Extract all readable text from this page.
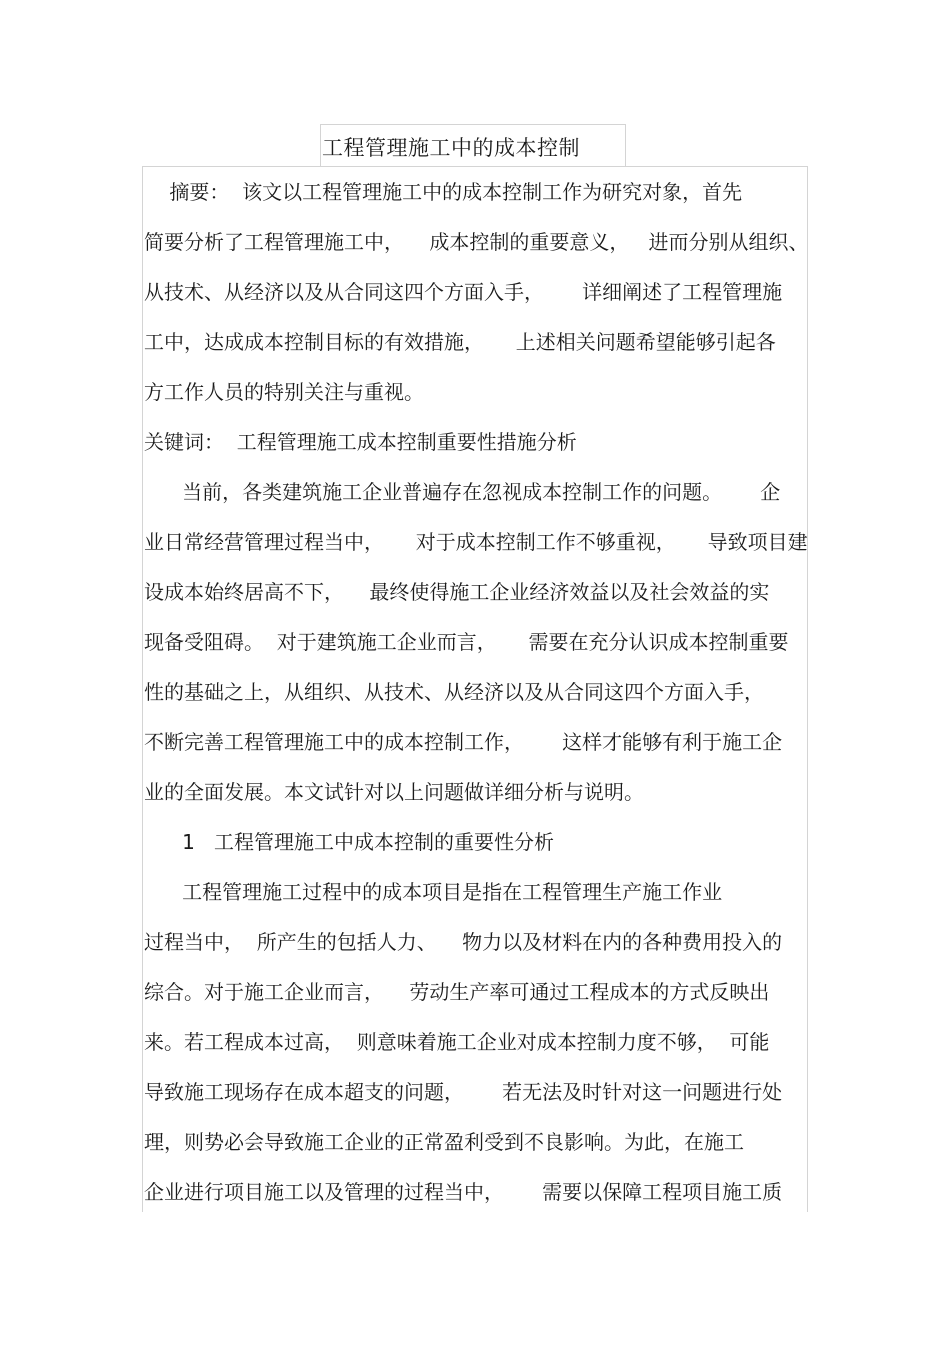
工程管理施工中的成本控制
摘要：  该文以工程管理施工中的成本控制工作为研究对象，首先
简要分析了工程管理施工中，    成本控制的重要意义，   进而分别从组织、
从技术、从经济以及从合同这四个方面入手，      详细阐述了工程管理施
工中，达成成本控制目标的有效措施，     上述相关问题希望能够引起各
方工作人员的特别关注与重视。
关键词：  工程管理施工成本控制重要性措施分析
当前，各类建筑施工企业普遍存在忽视成本控制工作的问题。      企
业日常经营管理过程当中，     对于成本控制工作不够重视，     导致项目建
设成本始终居高不下，    最终使得施工企业经济效益以及社会效益的实
现备受阻碍。  对于建筑施工企业而言，     需要在充分认识成本控制重要
性的基础之上，从组织、从技术、从经济以及从合同这四个方面入手，
不断完善工程管理施工中的成本控制工作，      这样才能够有利于施工企
业的全面发展。本文试针对以上问题做详细分析与说明。
1   工程管理施工中成本控制的重要性分析
工程管理施工过程中的成本项目是指在工程管理生产施工作业
过程当中，  所产生的包括人力、    物力以及材料在内的各种费用投入的
综合。对于施工企业而言，    劳动生产率可通过工程成本的方式反映出
来。若工程成本过高，  则意味着施工企业对成本控制力度不够，  可能
导致施工现场存在成本超支的问题，      若无法及时针对这一问题进行处
理，则势必会导致施工企业的正常盈利受到不良影响。为此，在施工
企业进行项目施工以及管理的过程当中，      需要以保障工程项目施工质
